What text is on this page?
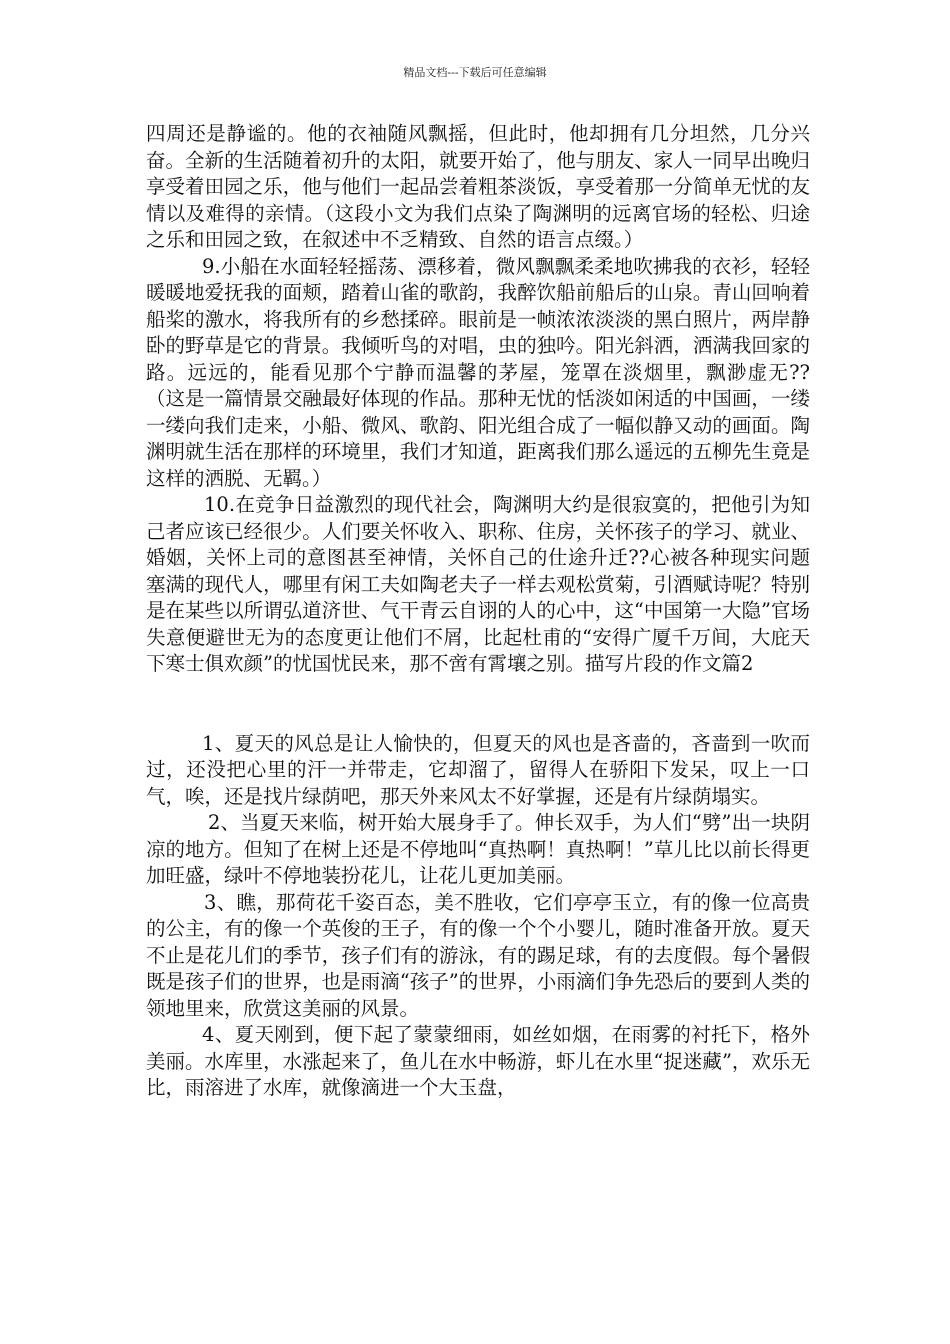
精品文档---下载后可任意编辑

四周还是静谧的。他的衣袖随风飘摇，但此时，他却拥有几分坦然，几分兴奋。全新的生活随着初升的太阳，就要开始了，他与朋友、家人一同早出晚归享受着田园之乐，他与他们一起品尝着粗茶淡饭，享受着那一分简单无忧的友情以及难得的亲情。（这段小文为我们点染了陶渊明的远离官场的轻松、归途之乐和田园之致，在叙述中不乏精致、自然的语言点缀。）

9.小船在水面轻轻摇荡、漂移着，微风飘飘柔柔地吹拂我的衣衫，轻轻暖暖地爱抚我的面颊，踏着山雀的歌韵，我醉饮船前船后的山泉。青山回响着船桨的激水，将我所有的乡愁揉碎。眼前是一帧浓浓淡淡的黑白照片，两岸静卧的野草是它的背景。我倾听鸟的对唱，虫的独吟。阳光斜洒，洒满我回家的路。远远的，能看见那个宁静而温馨的茅屋，笼罩在淡烟里，飘渺虚无??（这是一篇情景交融最好体现的作品。那种无忧的恬淡如闲适的中国画，一缕一缕向我们走来，小船、微风、歌韵、阳光组合成了一幅似静又动的画面。陶渊明就生活在那样的环境里，我们才知道，距离我们那么遥远的五柳先生竟是这样的洒脱、无羁。）

10.在竞争日益激烈的现代社会，陶渊明大约是很寂寞的，把他引为知己者应该已经很少。人们要关怀收入、职称、住房，关怀孩子的学习、就业、婚姻，关怀上司的意图甚至神情，关怀自己的仕途升迁??心被各种现实问题塞满的现代人，哪里有闲工夫如陶老夫子一样去观松赏菊，引酒赋诗呢？特别是在某些以所谓弘道济世、气干青云自诩的人的心中，这“中国第一大隐”官场失意便避世无为的态度更让他们不屑，比起杜甫的“安得广厦千万间，大庇天下寒士俱欢颜”的忧国忧民来，那不啻有霄壤之别。描写片段的作文篇2

1、夏天的风总是让人愉快的，但夏天的风也是吝啬的，吝啬到一吹而过，还没把心里的汗一并带走，它却溜了，留得人在骄阳下发呆，叹上一口气，唉，还是找片绿荫吧，那天外来风太不好掌握，还是有片绿荫塌实。

2、当夏天来临，树开始大展身手了。伸长双手，为人们“劈”出一块阴凉的地方。但知了在树上还是不停地叫“真热啊！真热啊！”草儿比以前长得更加旺盛，绿叶不停地装扮花儿，让花儿更加美丽。

3、瞧，那荷花千姿百态，美不胜收，它们亭亭玉立，有的像一位高贵的公主，有的像一个英俊的王子，有的像一个个小婴儿，随时准备开放。夏天不止是花儿们的季节，孩子们有的游泳，有的踢足球，有的去度假。每个暑假既是孩子们的世界，也是雨滴“孩子”的世界，小雨滴们争先恐后的要到人类的领地里来，欣赏这美丽的风景。

4、夏天刚到，便下起了蒙蒙细雨，如丝如烟，在雨雾的衬托下，格外美丽。水库里，水涨起来了，鱼儿在水中畅游，虾儿在水里“捉迷藏”，欢乐无比，雨溶进了水库，就像滴进一个大玉盘，
